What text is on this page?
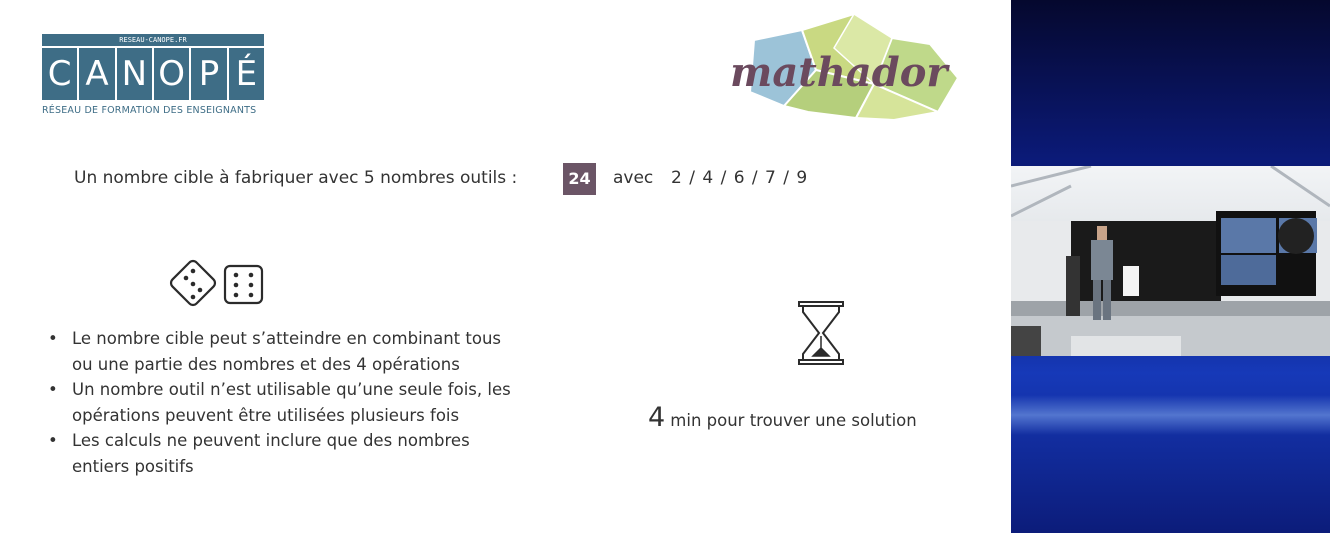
RESEAU-CANOPE.FR
C A N O P É
RÉSEAU DE FORMATION DES ENSEIGNANTS
mathador
Un nombre cible à fabriquer avec 5 nombres outils :	24	avec 2 / 4 / 6 / 7 / 9
• Le nombre cible peut s’atteindre en combinant tous ou une partie des nombres et des 4 opérations
• Un nombre outil n’est utilisable qu’une seule fois, les opérations peuvent être utilisées plusieurs fois
• Les calculs ne peuvent inclure que des nombres entiers positifs
4 min pour trouver une solution
